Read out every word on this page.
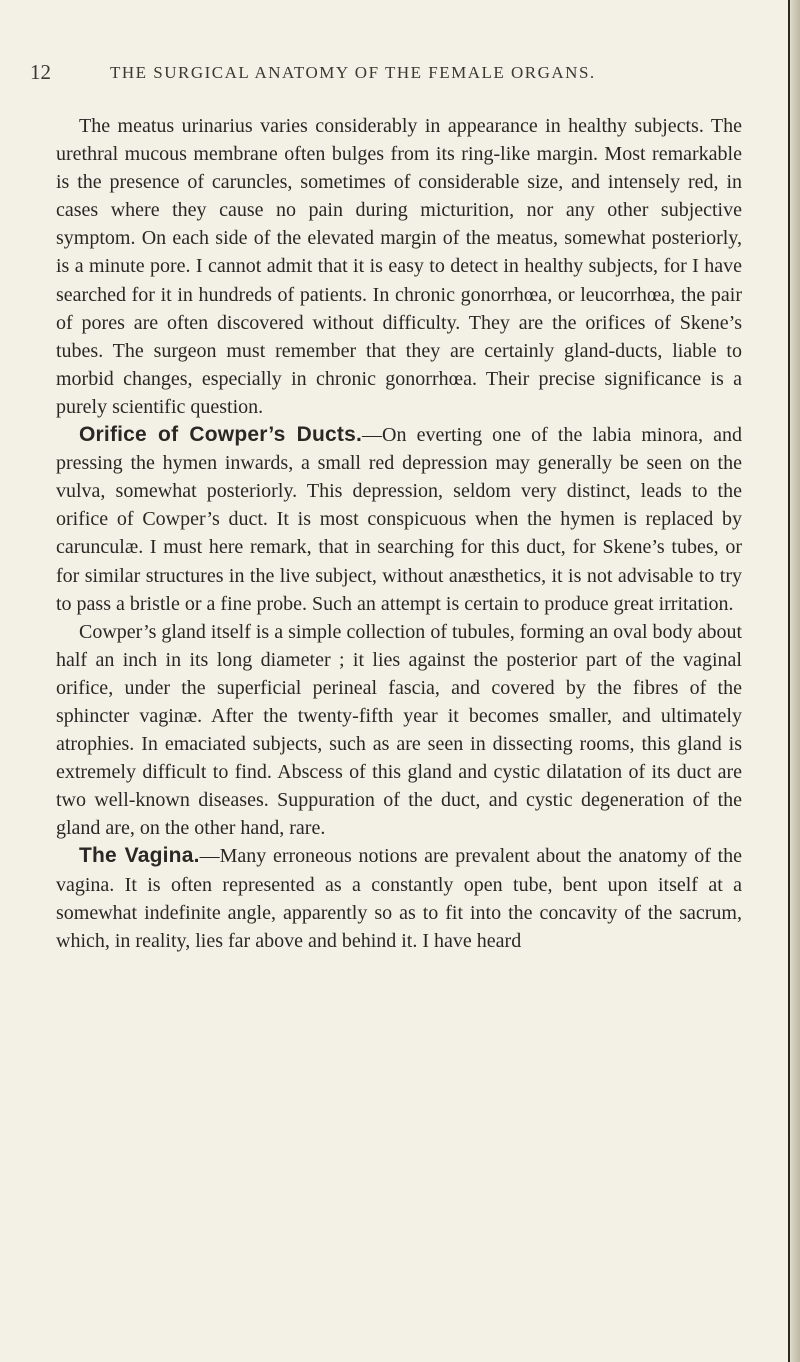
12	THE SURGICAL ANATOMY OF THE FEMALE ORGANS.

The meatus urinarius varies considerably in appearance in healthy subjects. The urethral mucous membrane often bulges from its ring-like margin. Most remarkable is the presence of caruncles, sometimes of considerable size, and intensely red, in cases where they cause no pain during micturition, nor any other subjective symptom. On each side of the elevated margin of the meatus, somewhat posteriorly, is a minute pore. I cannot admit that it is easy to detect in healthy subjects, for I have searched for it in hundreds of patients. In chronic gonorrhœa, or leucorrhœa, the pair of pores are often discovered without difficulty. They are the orifices of Skene’s tubes. The surgeon must remember that they are certainly gland-ducts, liable to morbid changes, especially in chronic gonorrhœa. Their precise significance is a purely scientific question.

Orifice of Cowper’s Ducts.—On everting one of the labia minora, and pressing the hymen inwards, a small red depression may generally be seen on the vulva, somewhat posteriorly. This depression, seldom very distinct, leads to the orifice of Cowper’s duct. It is most conspicuous when the hymen is replaced by carunculæ. I must here remark, that in searching for this duct, for Skene’s tubes, or for similar structures in the live subject, without anæsthetics, it is not advisable to try to pass a bristle or a fine probe. Such an attempt is certain to produce great irritation.

Cowper’s gland itself is a simple collection of tubules, forming an oval body about half an inch in its long diameter ; it lies against the posterior part of the vaginal orifice, under the superficial perineal fascia, and covered by the fibres of the sphincter vaginæ. After the twenty-fifth year it becomes smaller, and ultimately atrophies. In emaciated subjects, such as are seen in dissecting rooms, this gland is extremely difficult to find. Abscess of this gland and cystic dilatation of its duct are two well-known diseases. Suppuration of the duct, and cystic degeneration of the gland are, on the other hand, rare.

The Vagina.—Many erroneous notions are prevalent about the anatomy of the vagina. It is often represented as a constantly open tube, bent upon itself at a somewhat indefinite angle, apparently so as to fit into the concavity of the sacrum, which, in reality, lies far above and behind it. I have heard
